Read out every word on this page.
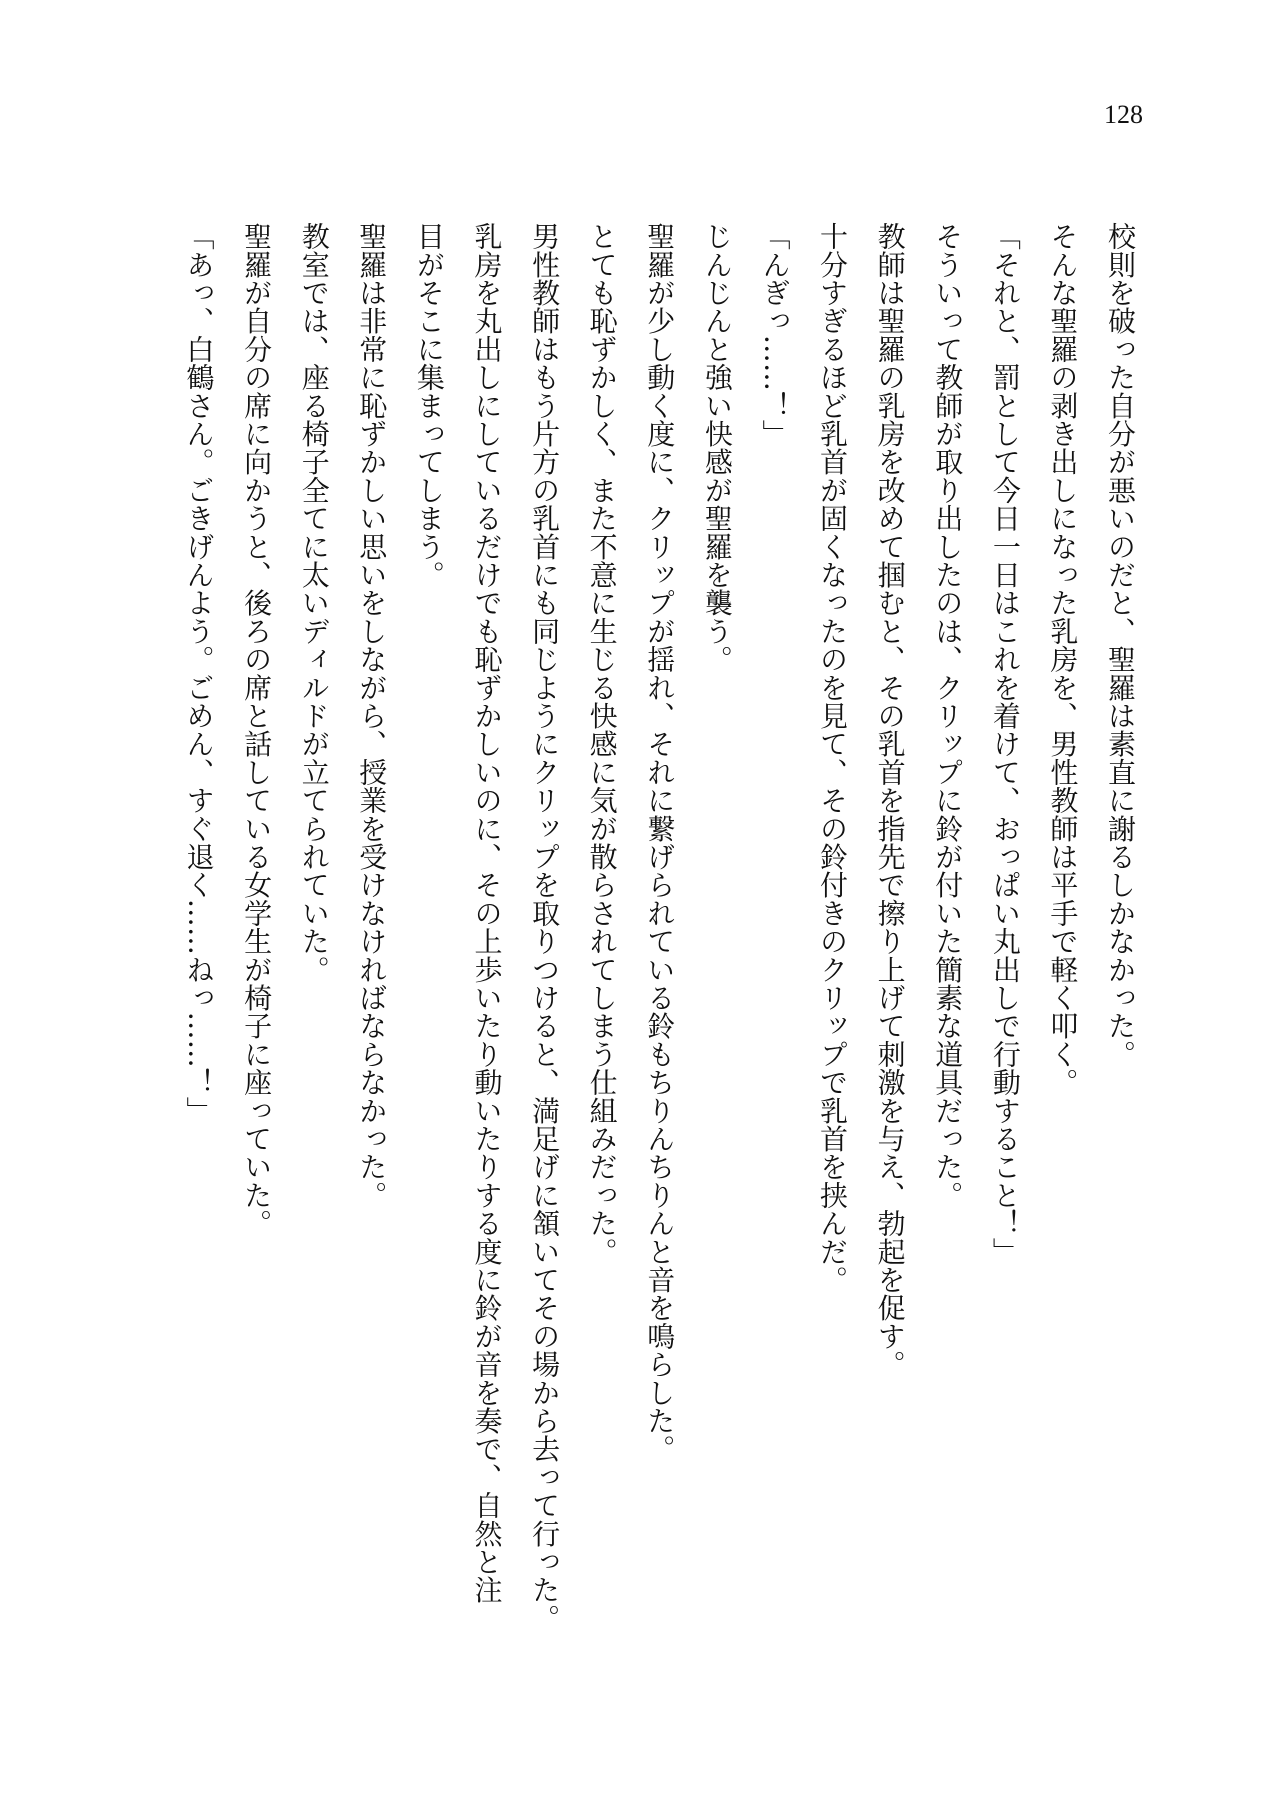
128

校則を破った自分が悪いのだと、聖羅は素直に謝るしかなかった。

そんな聖羅の剥き出しになった乳房を、男性教師は平手で軽く叩く。

「それと、罰として今日一日はこれを着けて、おっぱい丸出しで行動すること！」

そういって教師が取り出したのは、クリップに鈴が付いた簡素な道具だった。

教師は聖羅の乳房を改めて掴むと、その乳首を指先で擦り上げて刺激を与え、勃起を促す。

十分すぎるほど乳首が固くなったのを見て、その鈴付きのクリップで乳首を挟んだ。

「んぎっ……！」

じんじんと強い快感が聖羅を襲う。

聖羅が少し動く度に、クリップが揺れ、それに繋げられている鈴もちりんちりんと音を鳴らした。

とても恥ずかしく、また不意に生じる快感に気が散らされてしまう仕組みだった。

男性教師はもう片方の乳首にも同じようにクリップを取りつけると、満足げに頷いてその場から去って行った。

乳房を丸出しにしているだけでも恥ずかしいのに、その上歩いたり動いたりする度に鈴が音を奏で、自然と注

目がそこに集まってしまう。

聖羅は非常に恥ずかしい思いをしながら、授業を受けなければならなかった。

教室では、座る椅子全てに太いディルドが立てられていた。

聖羅が自分の席に向かうと、後ろの席と話している女学生が椅子に座っていた。

「あっ、白鶴さん。ごきげんよう。ごめん、すぐ退く……ねっ……！」
